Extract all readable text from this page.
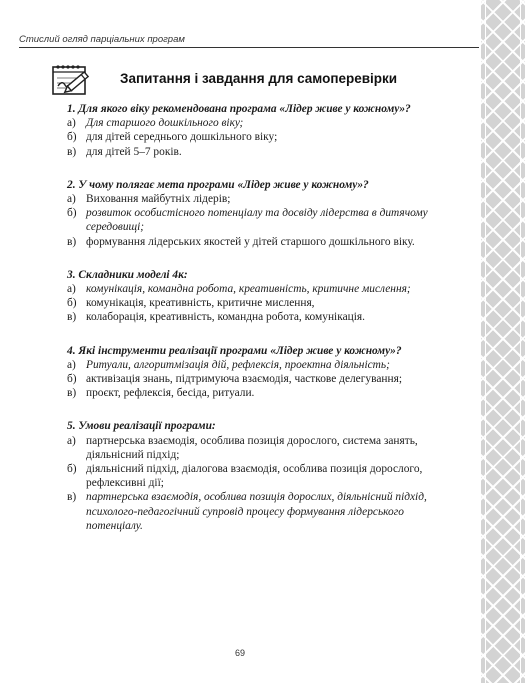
Стислий огляд парціальних програм
Запитання і завдання для самоперевірки
1. Для якого віку рекомендована програма «Лідер живе у кожному»?
а) Для старшого дошкільного віку;
б) для дітей середнього дошкільного віку;
в) для дітей 5–7 років.
2. У чому полягає мета програми «Лідер живе у кожному»?
а) Виховання майбутніх лідерів;
б) розвиток особистісного потенціалу та досвіду лідерства в дитячому середовищі;
в) формування лідерських якостей у дітей старшого дошкільного віку.
3. Складники моделі 4к:
а) комунікація, командна робота, креативність, критичне мислення;
б) комунікація, креативність, критичне мислення,
в) колаборація, креативність, командна робота, комунікація.
4. Які інструменти реалізації програми «Лідер живе у кожному»?
а) Ритуали, алгоритмізація дій, рефлексія, проектна діяльність;
б) активізація знань, підтримуюча взаємодія, часткове делегування;
в) проєкт, рефлексія, бесіда, ритуали.
5. Умови реалізації програми:
а) партнерська взаємодія, особлива позиція дорослого, система занять, діяльнісний підхід;
б) діяльнісний підхід, діалогова взаємодія, особлива позиція дорослого, рефлексивні дії;
в) партнерська взаємодія, особлива позиція дорослих, діяльнісний підхід, психолого-педагогічний супровід процесу формування лідерського потенціалу.
69
